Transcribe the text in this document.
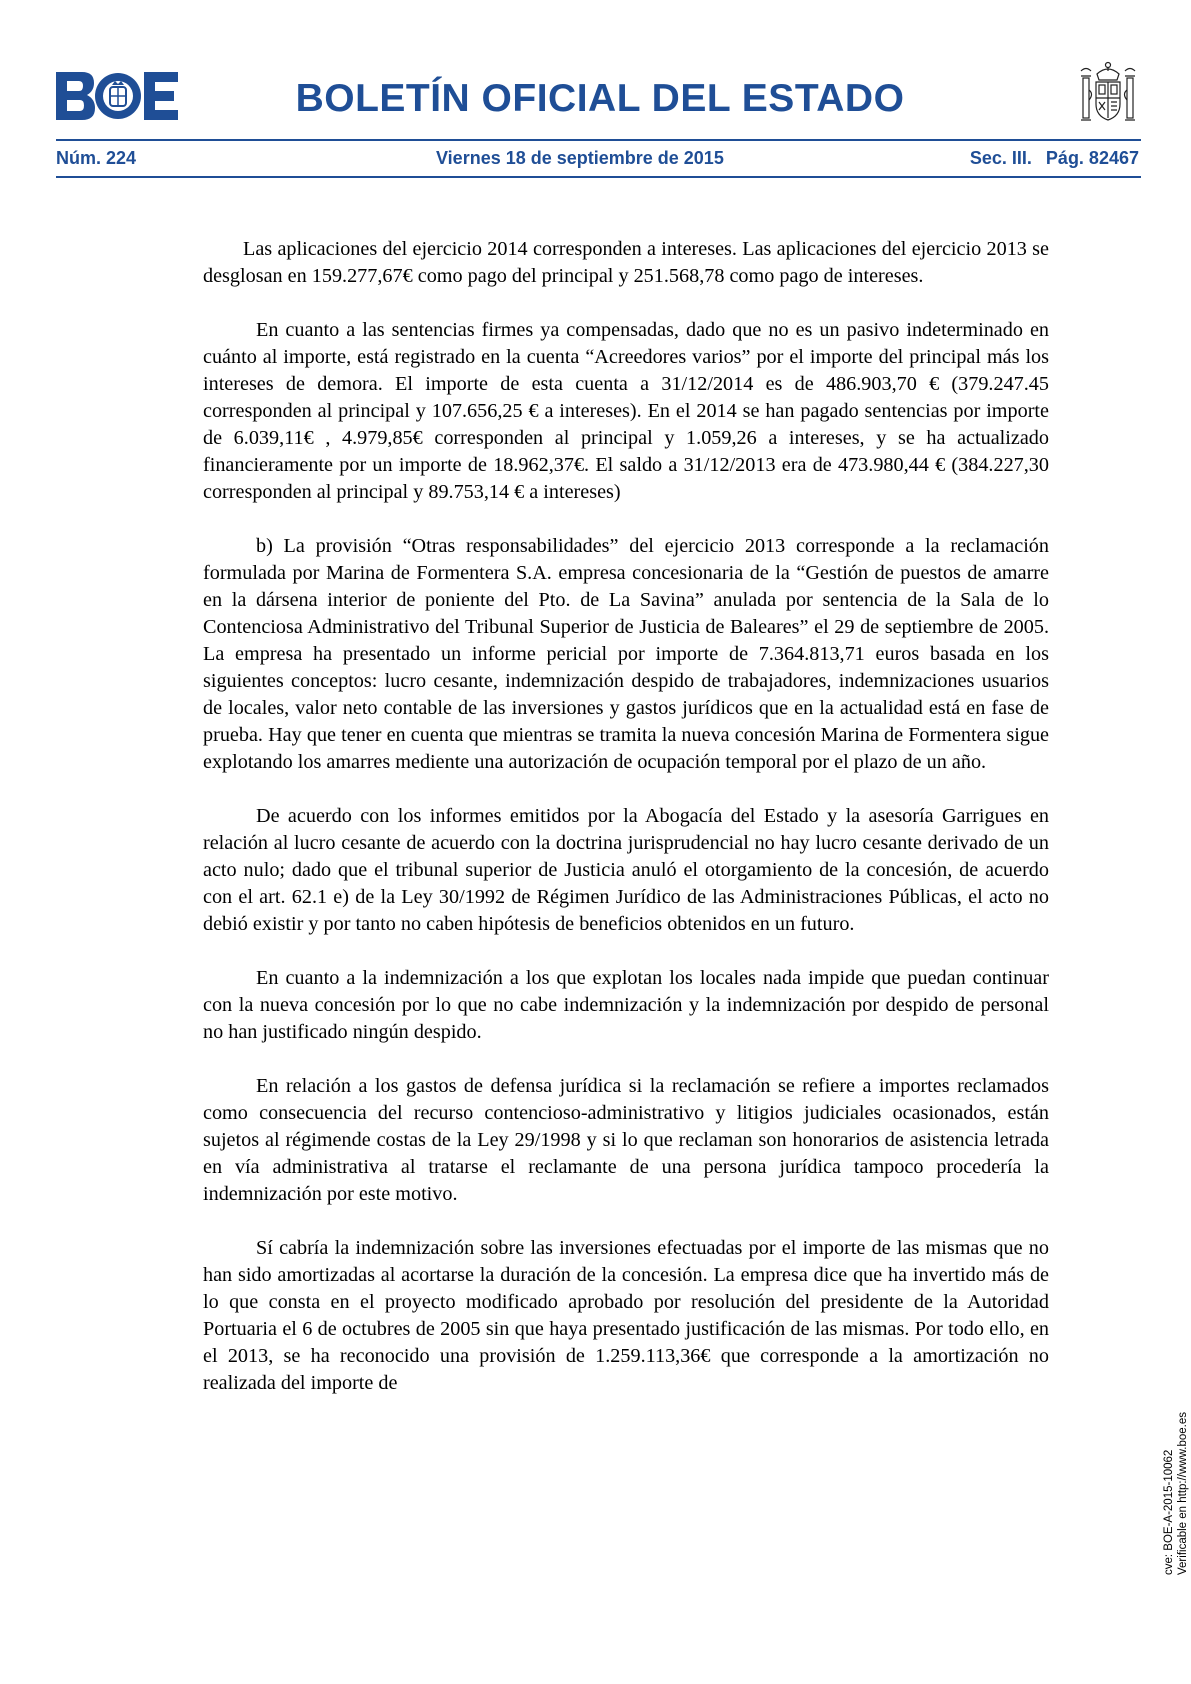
BOLETÍN OFICIAL DEL ESTADO
Núm. 224	Viernes 18 de septiembre de 2015	Sec. III. Pág. 82467

Las aplicaciones del ejercicio 2014 corresponden a intereses. Las aplicaciones del ejercicio 2013 se desglosan en 159.277,67€ como pago del principal y 251.568,78 como pago de intereses.

En cuanto a las sentencias firmes ya compensadas, dado que no es un pasivo indeterminado en cuánto al importe, está registrado en la cuenta “Acreedores varios” por el importe del principal más los intereses de demora. El importe de esta cuenta a 31/12/2014 es de 486.903,70 € (379.247.45 corresponden al principal y 107.656,25 € a intereses). En el 2014 se han pagado sentencias por importe de 6.039,11€ , 4.979,85€ corresponden al principal y 1.059,26 a intereses, y se ha actualizado financieramente por un importe de 18.962,37€. El saldo a 31/12/2013 era de 473.980,44 € (384.227,30 corresponden al principal y 89.753,14 € a intereses)

b) La provisión “Otras responsabilidades” del ejercicio 2013 corresponde a la reclamación formulada por Marina de Formentera S.A. empresa concesionaria de la “Gestión de puestos de amarre en la dársena interior de poniente del Pto. de La Savina” anulada por sentencia de la Sala de lo Contenciosa Administrativo del Tribunal Superior de Justicia de Baleares” el 29 de septiembre de 2005. La empresa ha presentado un informe pericial por importe de 7.364.813,71 euros basada en los siguientes conceptos: lucro cesante, indemnización despido de trabajadores, indemnizaciones usuarios de locales, valor neto contable de las inversiones y gastos jurídicos que en la actualidad está en fase de prueba. Hay que tener en cuenta que mientras se tramita la nueva concesión Marina de Formentera sigue explotando los amarres mediente una autorización de ocupación temporal por el plazo de un año.

De acuerdo con los informes emitidos por la Abogacía del Estado y la asesoría Garrigues en relación al lucro cesante de acuerdo con la doctrina jurisprudencial no hay lucro cesante derivado de un acto nulo; dado que el tribunal superior de Justicia anuló el otorgamiento de la concesión, de acuerdo con el art. 62.1 e) de la Ley 30/1992 de Régimen Jurídico de las Administraciones Públicas, el acto no debió existir y por tanto no caben hipótesis de beneficios obtenidos en un futuro.

En cuanto a la indemnización a los que explotan los locales nada impide que puedan continuar con la nueva concesión por lo que no cabe indemnización y la indemnización por despido de personal no han justificado ningún despido.

En relación a los gastos de defensa jurídica si la reclamación se refiere a importes reclamados como consecuencia del recurso contencioso-administrativo y litigios judiciales ocasionados, están sujetos al régimende costas de la Ley 29/1998 y si lo que reclaman son honorarios de asistencia letrada en vía administrativa al tratarse el reclamante de una persona jurídica tampoco procedería la indemnización por este motivo.

Sí cabría la indemnización sobre las inversiones efectuadas por el importe de las mismas que no han sido amortizadas al acortarse la duración de la concesión. La empresa dice que ha invertido más de lo que consta en el proyecto modificado aprobado por resolución del presidente de la Autoridad Portuaria el 6 de octubres de 2005 sin que haya presentado justificación de las mismas. Por todo ello, en el 2013, se ha reconocido una provisión de 1.259.113,36€ que corresponde a la amortización no realizada del importe de

cve: BOE-A-2015-10062 Verificable en http://www.boe.es
